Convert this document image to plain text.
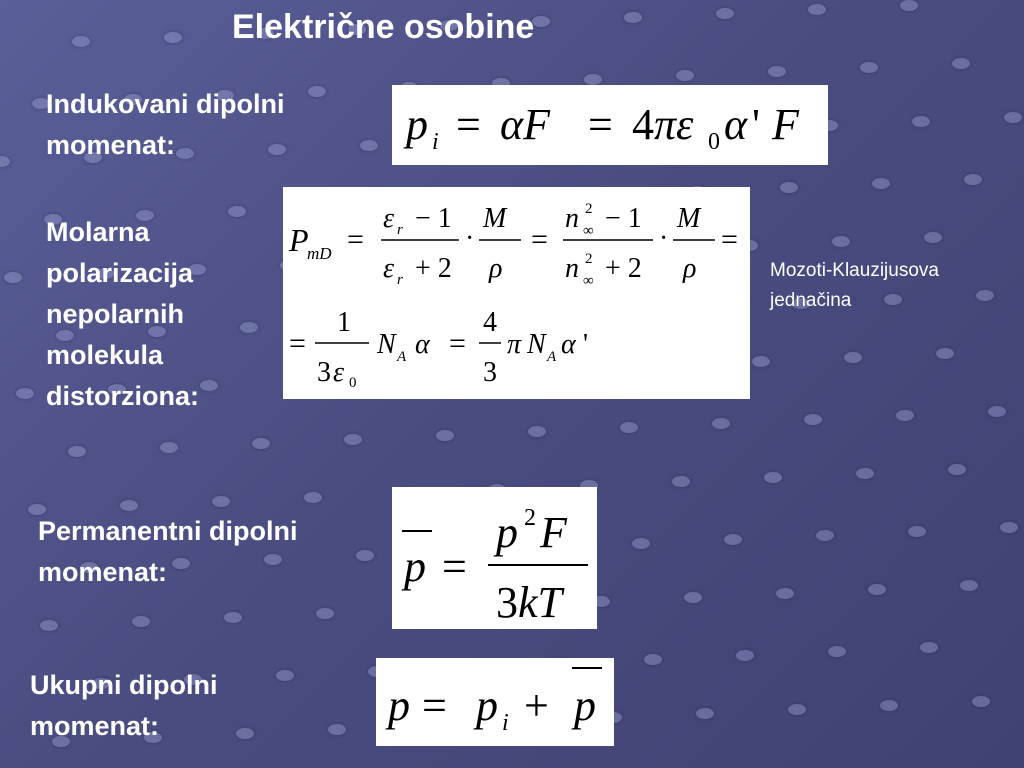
Električne osobine
Indukovani dipolni
momenat:
Molarna
polarizacija
nepolarnih
molekula
distorziona:
Mozoti-Klauzijusova
jednačina
Permanentni dipolni
momenat:
Ukupni dipolni
momenat:
p i = αF = 4 πε 0 α ' F
P
mD =
ε r − 1
ε r + 2
·
M
ρ
=
n 2
∞ − 1
n 2
∞ + 2
·
M
ρ
=
=
1
3 ε 0
N A α =
4
3
π N A α '
p =
p 2 F
3 kT
p = p i + p
